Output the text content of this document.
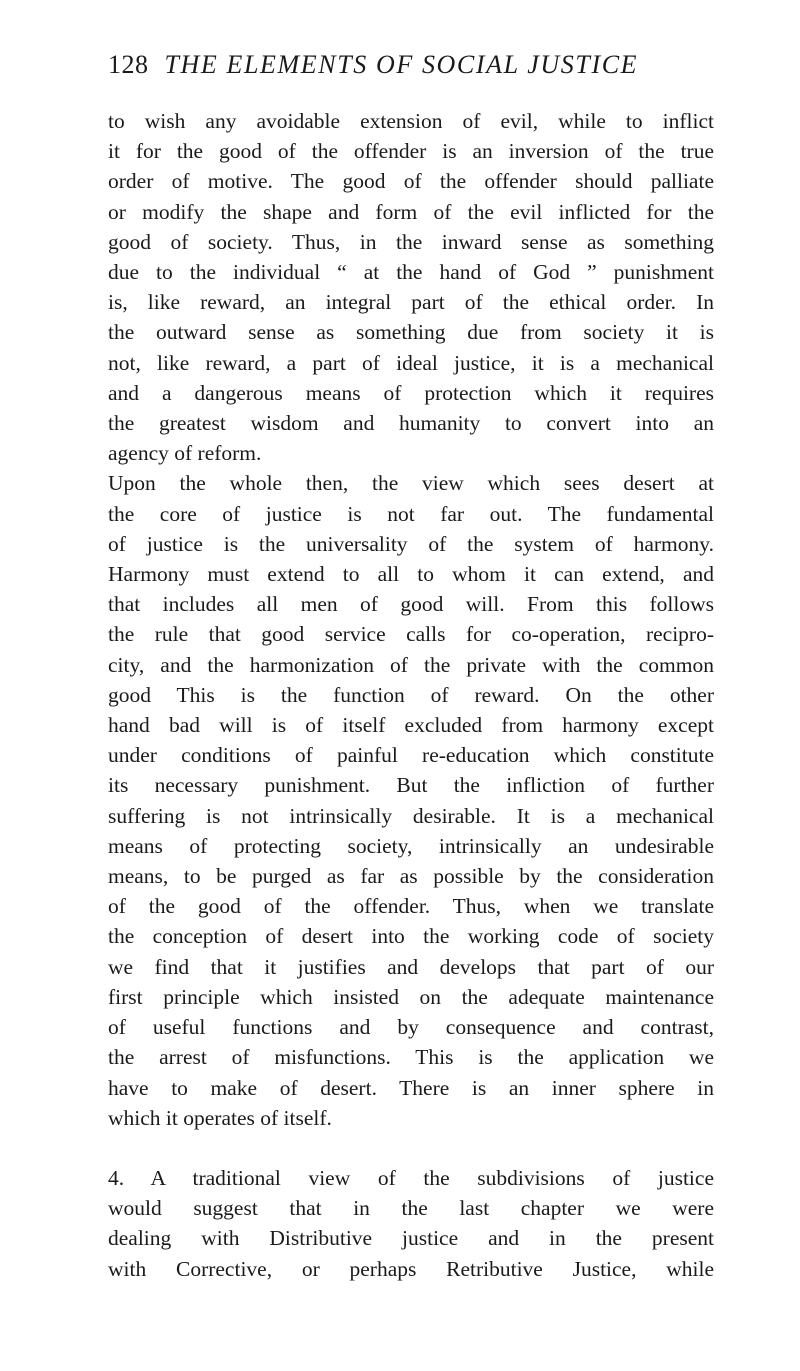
128 THE ELEMENTS OF SOCIAL JUSTICE

to wish any avoidable extension of evil, while to inflict

it for the good of the offender is an inversion of the true

order of motive. The good of the offender should palliate

or modify the shape and form of the evil inflicted for the

good of society. Thus, in the inward sense as something

due to the individual “ at the hand of God ” punishment

is, like reward, an integral part of the ethical order. In

the outward sense as something due from society it is

not, like reward, a part of ideal justice, it is a mechanical

and a dangerous means of protection which it requires

the greatest wisdom and humanity to convert into an

agency of reform.

Upon the whole then, the view which sees desert at

the core of justice is not far out. The fundamental

of justice is the universality of the system of harmony.

Harmony must extend to all to whom it can extend, and

that includes all men of good will. From this follows

the rule that good service calls for co-operation, recipro-

city, and the harmonization of the private with the common

good This is the function of reward. On the other

hand bad will is of itself excluded from harmony except

under conditions of painful re-education which constitute

its necessary punishment. But the infliction of further

suffering is not intrinsically desirable. It is a mechanical

means of protecting society, intrinsically an undesirable

means, to be purged as far as possible by the consideration

of the good of the offender. Thus, when we translate

the conception of desert into the working code of society

we find that it justifies and develops that part of our

first principle which insisted on the adequate maintenance

of useful functions and by consequence and contrast,

the arrest of misfunctions. This is the application we

have to make of desert. There is an inner sphere in

which it operates of itself.

4. A traditional view of the subdivisions of justice

would suggest that in the last chapter we were

dealing with Distributive justice and in the present

with Corrective, or perhaps Retributive Justice, while
